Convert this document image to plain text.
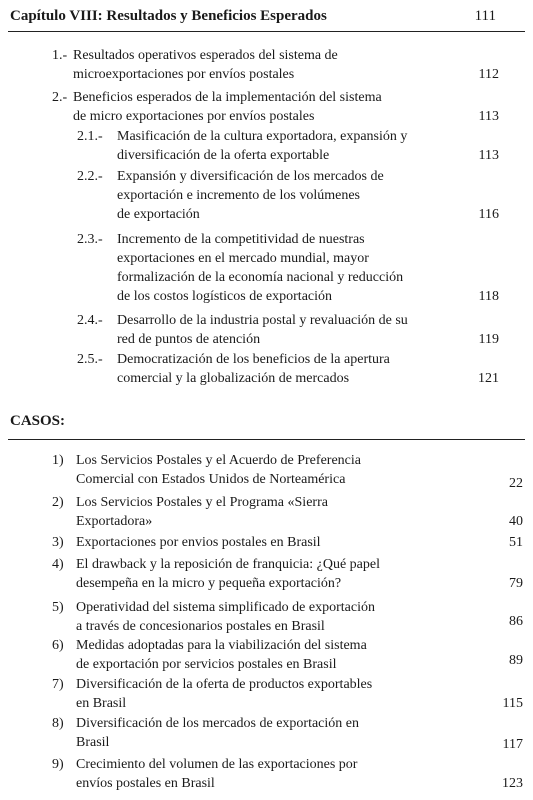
Capítulo VIII: Resultados y Beneficios Esperados	111
1.- Resultados operativos esperados del sistema de
microexportaciones por envíos postales	112
2.- Beneficios esperados de la implementación del sistema
de micro exportaciones por envíos postales	113
2.1.- Masificación de la cultura exportadora, expansión y
diversificación de la oferta exportable	113
2.2.- Expansión y diversificación de los mercados de
exportación e incremento de los volúmenes
de exportación	116
2.3.- Incremento de la competitividad de nuestras
exportaciones en el mercado mundial, mayor
formalización de la economía nacional y reducción
de los costos logísticos de exportación	118
2.4.- Desarrollo de la industria postal y revaluación de su
red de puntos de atención	119
2.5.- Democratización de los beneficios de la apertura
comercial y la globalización de mercados	121
CASOS:
1) Los Servicios Postales y el Acuerdo de Preferencia
Comercial con Estados Unidos de Norteamérica	22
2) Los Servicios Postales y el Programa «Sierra
Exportadora»	40
3) Exportaciones por envios postales en Brasil	51
4) El drawback y la reposición de franquicia: ¿Qué papel
desempeña en la micro y pequeña exportación?	79
5) Operatividad del sistema simplificado de exportación
a través de concesionarios postales en Brasil	86
6) Medidas adoptadas para la viabilización del sistema
de exportación por servicios postales en Brasil	89
7) Diversificación de la oferta de productos exportables
en Brasil	115
8) Diversificación de los mercados de exportación en
Brasil	117
9) Crecimiento del volumen de las exportaciones por
envíos postales en Brasil	123
